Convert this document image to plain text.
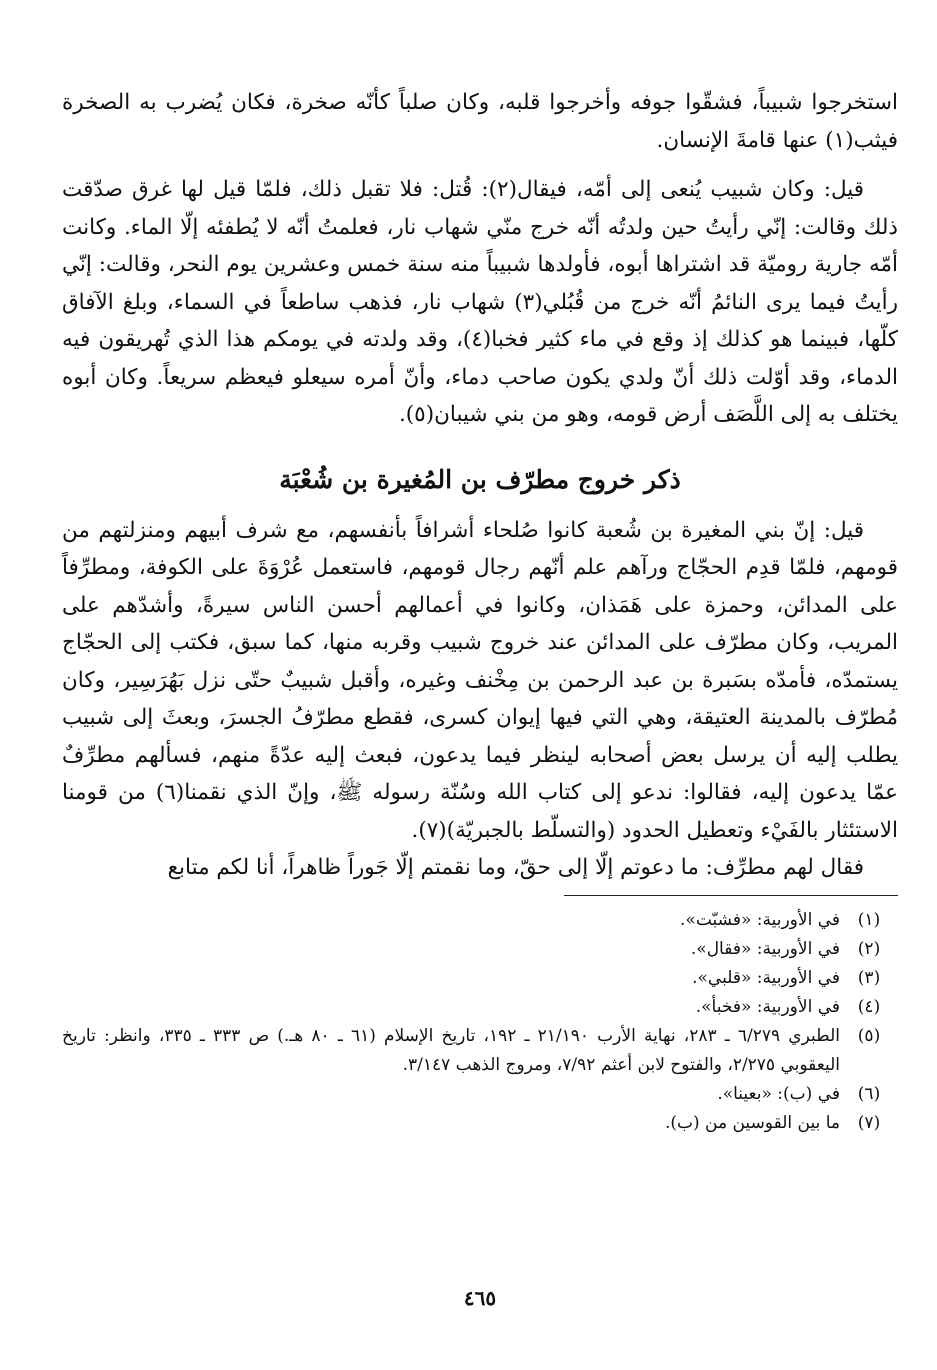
استخرجوا شبيباً، فشقّوا جوفه وأخرجوا قلبه، وكان صلباً كأنّه صخرة، فكان يُضرب به الصخرة فيثب(١) عنها قامةَ الإنسان.

قيل: وكان شبيب يُنعى إلى أمّه، فيقال(٢): قُتل: فلا تقبل ذلك، فلمّا قيل لها غرق صدّقت ذلك وقالت: إنّي رأيتُ حين ولدتُه أنّه خرج منّي شهاب نار، فعلمتُ أنّه لا يُطفئه إلّا الماء. وكانت أمّه جارية روميّة قد اشتراها أبوه، فأولدها شبيباً منه سنة خمس وعشرين يوم النحر، وقالت: إنّي رأيتُ فيما يرى النائمُ أنّه خرج من قُبُلي(٣) شهاب نار، فذهب ساطعاً في السماء، وبلغ الآفاق كلّها، فبينما هو كذلك إذ وقع في ماء كثير فخبا(٤)، وقد ولدته في يومكم هذا الذي تُهريقون فيه الدماء، وقد أوّلت ذلك أنّ ولدي يكون صاحب دماء، وأنّ أمره سيعلو فيعظم سريعاً. وكان أبوه يختلف به إلى اللَّصَف أرض قومه، وهو من بني شيبان(٥).

ذكر خروج مطرّف بن المُغيرة بن شُعْبَة

قيل: إنّ بني المغيرة بن شُعبة كانوا صُلحاء أشرافاً بأنفسهم، مع شرف أبيهم ومنزلتهم من قومهم، فلمّا قدِم الحجّاج ورآهم علم أنّهم رجال قومهم، فاستعمل عُرْوَةَ على الكوفة، ومطرِّفاً على المدائن، وحمزة على هَمَذان، وكانوا في أعمالهم أحسن الناس سيرةً، وأشدّهم على المريب، وكان مطرّف على المدائن عند خروج شبيب وقربه منها، كما سبق، فكتب إلى الحجّاج يستمدّه، فأمدّه بسَبرة بن عبد الرحمن بن مِخْنف وغيره، وأقبل شبيبٌ حتّى نزل بَهُرَسِير، وكان مُطرّف بالمدينة العتيقة، وهي التي فيها إيوان كسرى، فقطع مطرّفُ الجسرَ، وبعثَ إلى شبيب يطلب إليه أن يرسل بعض أصحابه لينظر فيما يدعون، فبعث إليه عدّةً منهم، فسألهم مطرِّفٌ عمّا يدعون إليه، فقالوا: ندعو إلى كتاب الله وسُنّة رسوله ﷺ، وإنّ الذي نقمنا(٦) من قومنا الاستئثار بالفَيْء وتعطيل الحدود (والتسلّط بالجبريّة)(٧).

فقال لهم مطرِّف: ما دعوتم إلّا إلى حقّ، وما نقمتم إلّا جَوراً ظاهراً، أنا لكم متابع

(١)
في الأوربية: «فشبّت».
(٢)
في الأوربية: «فقال».
(٣)
في الأوربية: «قلبي».
(٤)
في الأوربية: «فخبأ».
(٥)
الطبري ٦/٢٧٩ ـ ٢٨٣، نهاية الأرب ٢١/١٩٠ ـ ١٩٢، تاريخ الإسلام (٦١ ـ ٨٠ هـ.) ص ٣٣٣ ـ ٣٣٥، وانظر: تاريخ اليعقوبي ٢/٢٧٥، والفتوح لابن أعثم ٧/٩٢، ومروج الذهب ٣/١٤٧.
(٦)
في (ب): «بعينا».
(٧)
ما بين القوسين من (ب).
٤٦٥
